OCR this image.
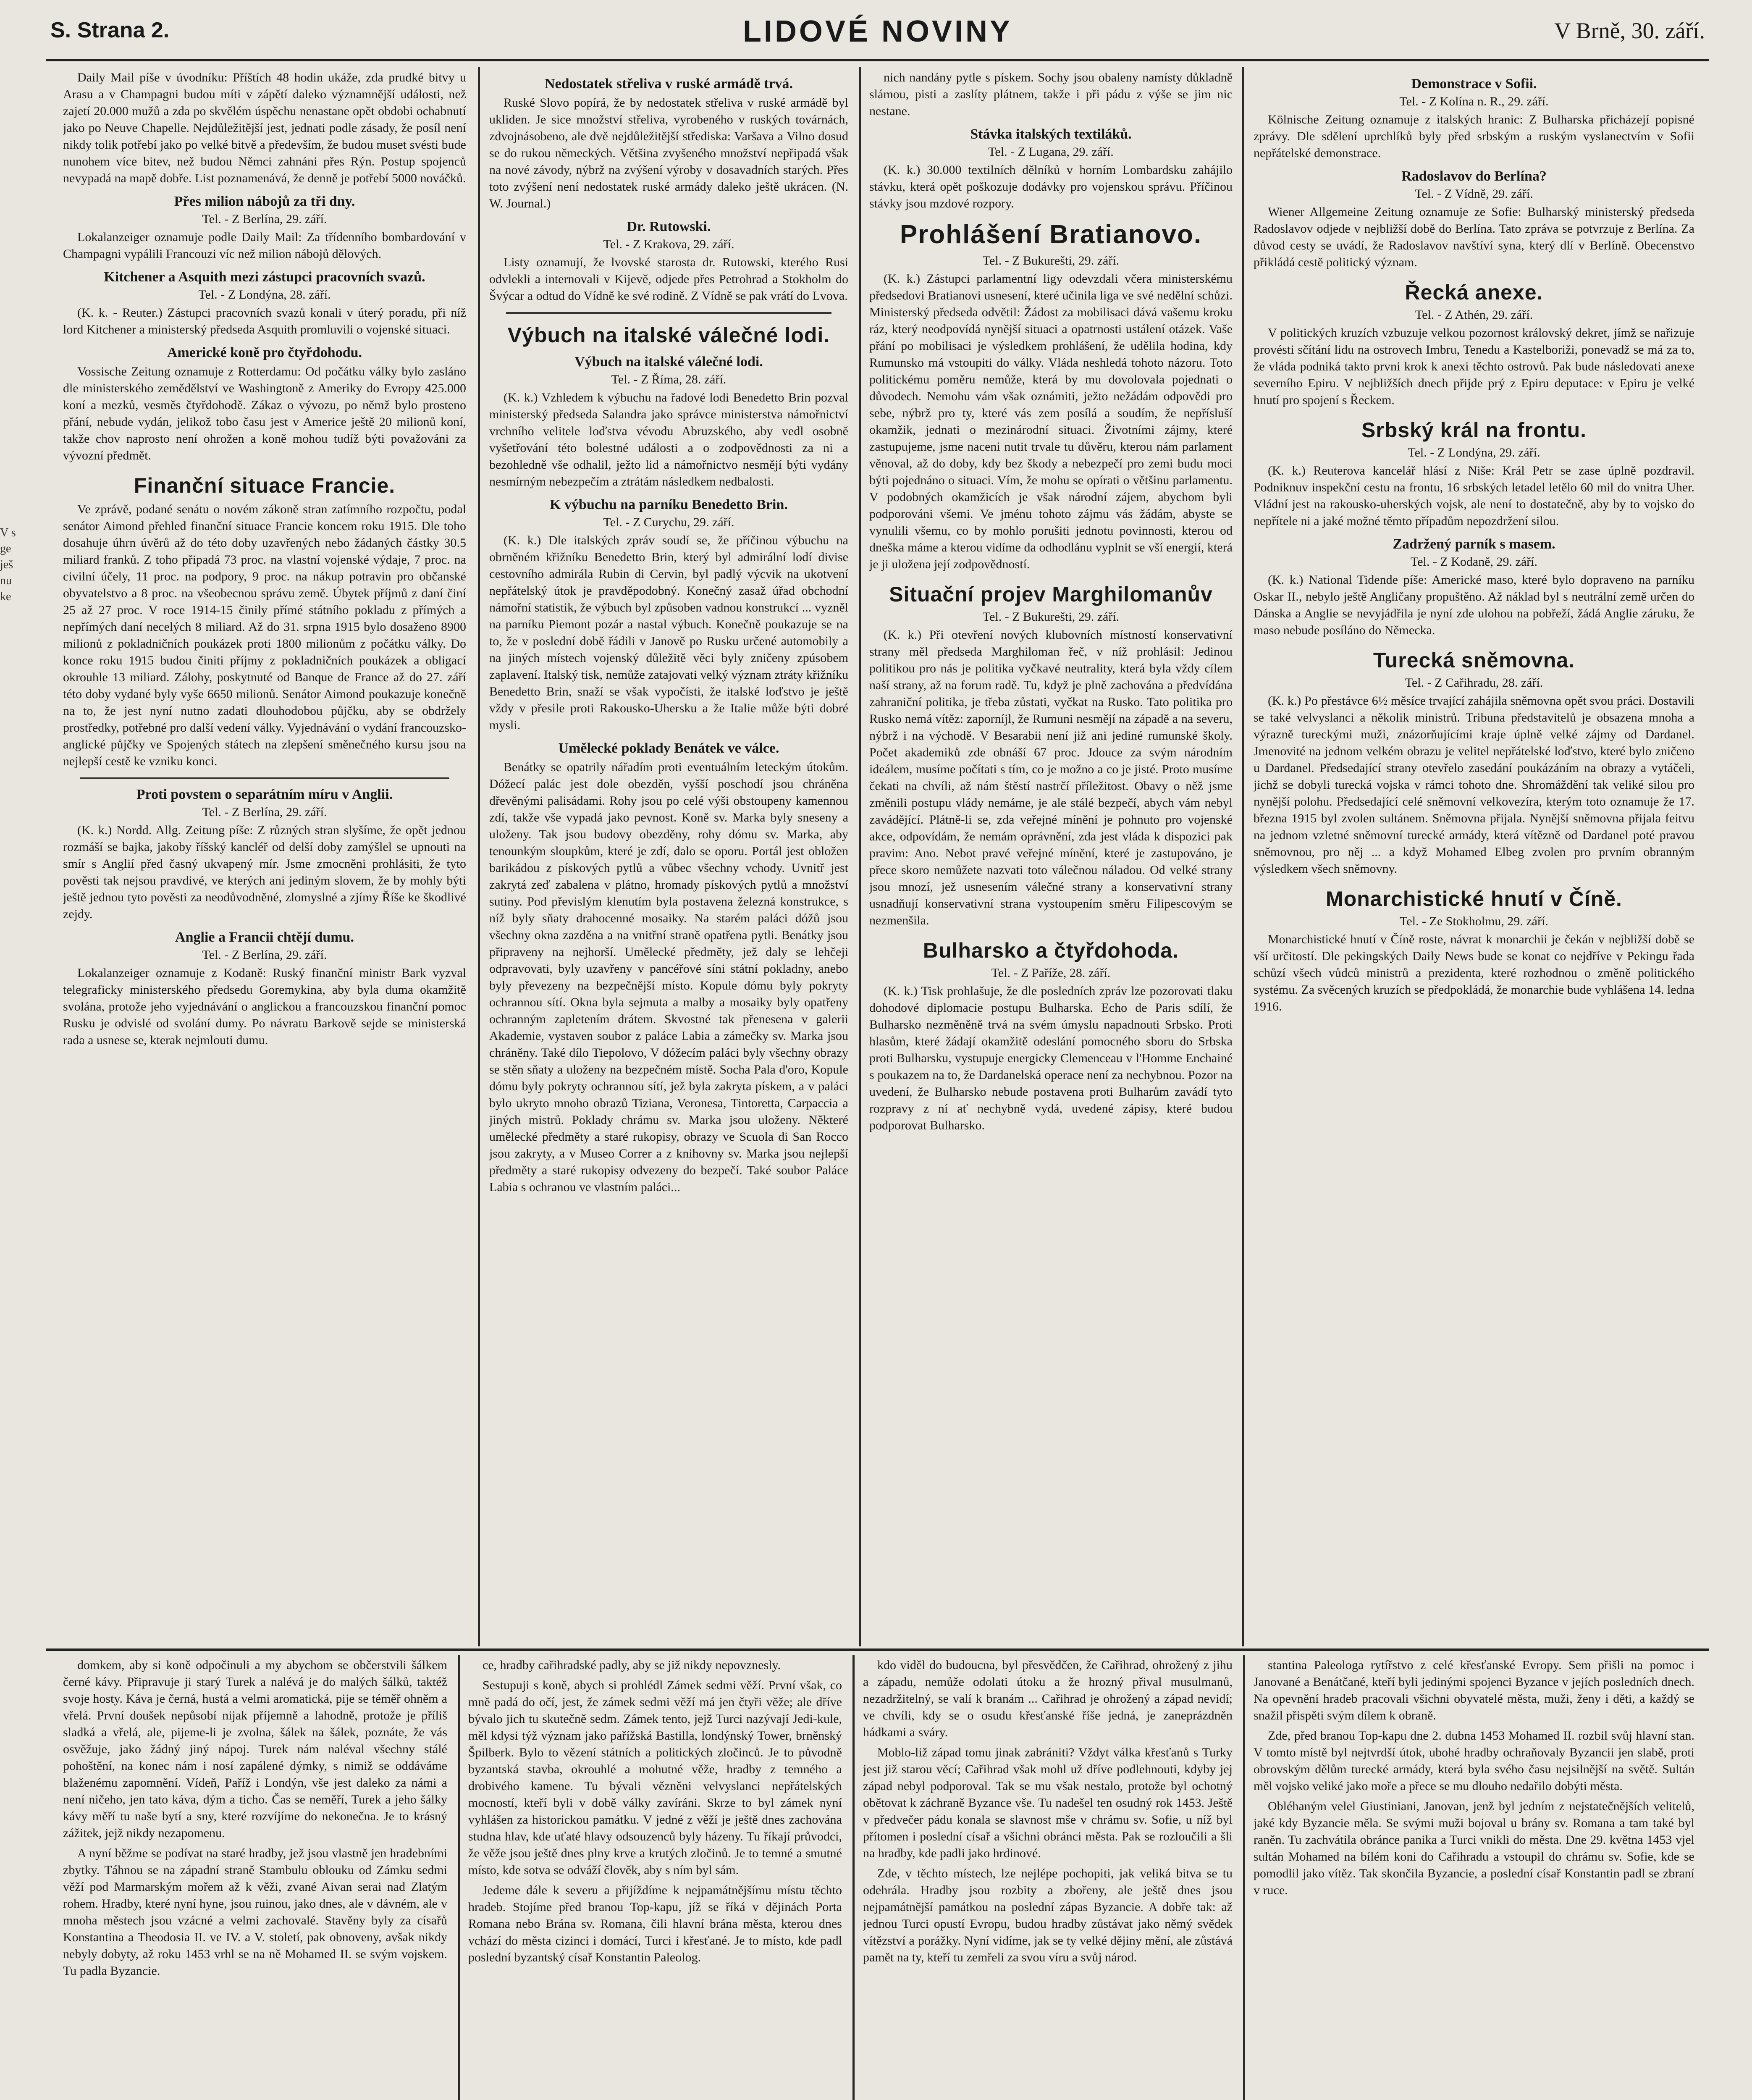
S. Strana 2.	LIDOVÉ NOVINY	V Brně, 30. září.
V s
ge
ješ
nu
ke
Daily Mail píše v úvodníku: Příštích 48 hodin ukáže, zda prudké bitvy u Arasu a v Champagni budou míti v zápětí daleko významnější události, než zajetí 20.000 mužů a zda po skvělém úspěchu nenastane opět obdobi ochabnutí jako po Neuve Chapelle. Nejdůležitější jest, jednati podle zásady, že posíl není nikdy tolik potřebí jako po velké bitvě a především, že budou muset svésti bude nunohem více bitev, než budou Němci zahnáni přes Rýn. Postup spojenců nevypadá na mapě dobře. List poznamenává, že denně je potřebí 5000 nováčků.
Přes milion nábojů za tři dny.
Tel. - Z Berlína, 29. září.
Lokalanzeiger oznamuje podle Daily Mail: Za třídenního bombardování v Champagni vypálili Francouzi víc než milion nábojů dělových.
Kitchener a Asquith mezi zástupci pracovních svazů.
Tel. - Z Londýna, 28. září.
(K. k. - Reuter.) Zástupci pracovních svazů konali v úterý poradu, při níž lord Kitchener a ministerský předseda Asquith promluvili o vojenské situaci.
Americké koně pro čtyřdohodu.
Vossische Zeitung oznamuje z Rotterdamu: Od počátku války bylo zasláno dle ministerského zemědělství ve Washingtoně z Ameriky do Evropy 425.000 koní a mezků, vesměs čtyřdohodě. Zákaz o vývozu, po němž bylo prosteno přání, nebude vydán, jelikož tobo času jest v Americe ještě 20 milionů koní, takže chov naprosto není ohrožen a koně mohou tudíž býti považováni za vývozní předmět.
Finanční situace Francie.
Ve zprávě, podané senátu o novém zákoně stran zatímního rozpočtu, podal senátor Aimond přehled finanční situace Francie koncem roku 1915. Dle toho dosahuje úhrn úvěrů až do této doby uzavřených nebo žádaných částky 30.5 miliard franků. Z toho připadá 73 proc. na vlastní vojenské výdaje, 7 proc. na civilní účely, 11 proc. na podpory, 9 proc. na nákup potravin pro občanské obyvatelstvo a 8 proc. na všeobecnou správu země. Úbytek příjmů z daní činí 25 až 27 proc. V roce 1914-15 činily přímé státního pokladu z přímých a nepřímých daní necelých 8 miliard. Až do 31. srpna 1915 bylo dosaženo 8900 milionů z pokladničních poukázek proti 1800 milionům z počátku války. Do konce roku 1915 budou činiti příjmy z pokladničních poukázek a obligací okrouhle 13 miliard. Zálohy, poskytnuté od Banque de France až do 27. září této doby vydané byly vyše 6650 milionů. Senátor Aimond poukazuje konečně na to, že jest nyní nutno zadati dlouhodobou půjčku, aby se obdržely prostředky, potřebné pro další vedení války. Vyjednávání o vydání francouzsko-anglické půjčky ve Spojených státech na zlepšení směnečného kursu jsou na nejlepší cestě ke vzniku konci.
Proti povstem o separátním míru v Anglii.
Tel. - Z Berlína, 29. září.
(K. k.) Nordd. Allg. Zeitung píše: Z různých stran slyšíme, že opět jednou rozmáší se bajka, jakoby říšský kancléř od delší doby zamýšlel se upnouti na smír s Anglií před časný ukvapený mír. Jsme zmocněni prohlásiti, že tyto pověsti tak nejsou pravdivé, ve kterých ani jediným slovem, že by mohly býti ještě jednou tyto pověsti za neodůvodněné, zlomyslné a zjímy Říše ke škodlivé zejdy.
Anglie a Francii chtějí dumu.
Tel. - Z Berlína, 29. září.
Lokalanzeiger oznamuje z Kodaně: Ruský finanční ministr Bark vyzval telegraficky ministerského předsedu Goremykina, aby byla duma okamžitě svolána, protože jeho vyjednávání o anglickou a francouzskou finanční pomoc Rusku je odvislé od svolání dumy. Po návratu Barkově sejde se ministerská rada a usnese se, kterak nejmlouti dumu.
Nedostatek střeliva v ruské armádě trvá.
Ruské Slovo popírá, že by nedostatek střeliva v ruské armádě byl ukliden. Je sice množství střeliva, vyrobeného v ruských továrnách, zdvojnásobeno, ale dvě nejdůležitější střediska: Varšava a Vilno dosud se do rukou německých. Většina zvyšeného množství nepřipadá však na nové závody, nýbrž na zvýšení výroby v dosavadních starých. Přes toto zvýšení není nedostatek ruské armády daleko ještě ukrácen. (N. W. Journal.)
Dr. Rutowski.
Tel. - Z Krakova, 29. září.
Listy oznamují, že lvovské starosta dr. Rutowski, kterého Rusi odvlekli a internovali v Kijevě, odjede přes Petrohrad a Stokholm do Švýcar a odtud do Vídně ke své rodině. Z Vídně se pak vrátí do Lvova.
Výbuch na italské válečné lodi.
Výbuch na italské válečné lodi.
Tel. - Z Říma, 28. září.
(K. k.) Vzhledem k výbuchu na řadové lodi Benedetto Brin pozval ministerský předseda Salandra jako správce ministerstva námořnictví vrchního velitele loďstva vévodu Abruzského, aby vedl osobně vyšetřování této bolestné události a o zodpovědnosti za ni a bezohledně vše odhalil, ježto lid a námořnictvo nesmějí býti vydány nesmírným nebezpečím a ztrátám následkem nedbalosti.
K výbuchu na parníku Benedetto Brin.
Tel. - Z Curychu, 29. září.
(K. k.) Dle italských zpráv soudí se, že příčinou výbuchu na obrněném křižníku Benedetto Brin, který byl admirální lodí divise cestovního admirála Rubin di Cervin, byl padlý výcvik na ukotvení nepřátelský útok je pravděpodobný. Konečný zasaž úřad obchodní námořní statistik, že výbuch byl způsoben vadnou konstrukcí ... vyzněl na parníku Piemont pozár a nastal výbuch. Konečně poukazuje se na to, že v poslední době řádili v Janově po Rusku určené automobily a na jiných místech vojenský důležitě věci byly zničeny zpúsobem zaplavení. Italský tisk, nemůže zatajovati velký význam ztráty křižníku Benedetto Brin, snaží se však vypočísti, že italské loďstvo je ještě vždy v přesile proti Rakousko-Uhersku a že Italie může býti dobré mysli.
Umělecké poklady Benátek ve válce.
Benátky se opatrily nářadím proti eventuálním leteckým útokům. Dóžecí palác jest dole obezděn, vyšší poschodí jsou chráněna dřevěnými palisádami. Rohy jsou po celé výši obstoupeny kamennou zdí, takže vše vypadá jako pevnost. Koně sv. Marka byly sneseny a uloženy. Tak jsou budovy obezděny, rohy dómu sv. Marka, aby tenounkým sloupkům, které je zdí, dalo se oporu. Portál jest obložen barikádou z pískových pytlů a vůbec všechny vchody. Uvnitř jest zakrytá zeď zabalena v plátno, hromady pískových pytlů a množství sutiny. Pod převislým klenutím byla postavena železná konstrukce, s níž byly sňaty drahocenné mosaiky. Na starém paláci dóžů jsou všechny okna zazděna a na vnitřní straně opatřena pytli. Benátky jsou připraveny na nejhorší. Umělecké předměty, jež daly se lehčeji odpravovati, byly uzavřeny v pancéřové síni státní pokladny, anebo byly převezeny na bezpečnější místo. Kopule dómu byly pokryty ochrannou sítí. Okna byla sejmuta a malby a mosaiky byly opatřeny ochranným zapletením drátem. Skvostné tak přenesena v galerii Akademie, vystaven soubor z paláce Labia a zámečky sv. Marka jsou chráněny. Také dílo Tiepolovo, V dóžecím paláci byly všechny obrazy se stěn sňaty a uloženy na bezpečném místě. Socha Pala d'oro, Kopule dómu byly pokryty ochrannou sítí, jež byla zakryta pískem, a v paláci bylo ukryto mnoho obrazů Tiziana, Veronesa, Tintoretta, Carpaccia a jiných mistrů. Poklady chrámu sv. Marka jsou uloženy. Některé umělecké předměty a staré rukopisy, obrazy ve Scuola di San Rocco jsou zakryty, a v Museo Correr a z knihovny sv. Marka jsou nejlepší předměty a staré rukopisy odvezeny do bezpečí. Také soubor Paláce Labia s ochranou ve vlastním paláci...
nich nandány pytle s pískem. Sochy jsou obaleny namísty důkladně slámou, pisti a zaslíty plátnem, takže i při pádu z výše se jim nic nestane.
Stávka italských textiláků.
Tel. - Z Lugana, 29. září.
(K. k.) 30.000 textilních dělníků v horním Lombardsku zahájilo stávku, která opět poškozuje dodávky pro vojenskou správu. Příčinou stávky jsou mzdové rozpory.
Prohlášení Bratianovo.
Tel. - Z Bukurešti, 29. září.
(K. k.) Zástupci parlamentní ligy odevzdali včera ministerskému předsedovi Bratianovi usnesení, které učinila liga ve své nedělní schůzi. Ministerský předseda odvětil: Žádost za mobilisaci dává vašemu kroku ráz, který neodpovídá nynější situaci a opatrnosti ustálení otázek. Vaše přání po mobilisaci je výsledkem prohlášení, že udělila hodina, kdy Rumunsko má vstoupiti do války. Vláda neshledá tohoto názoru. Toto politickému poměru nemůže, která by mu dovolovala pojednati o důvodech. Nemohu vám však oznámiti, ježto nežádám odpovědi pro sebe, nýbrž pro ty, které vás zem posílá a soudím, že nepřísluší okamžik, jednati o mezinárodní situaci. Životními zájmy, které zastupujeme, jsme naceni nutit trvale tu důvěru, kterou nám parlament věnoval, až do doby, kdy bez škody a nebezpečí pro zemi budu moci býti pojednáno o situaci. Vím, že mohu se opírati o většinu parlamentu. V podobných okamžicích je však národní zájem, abychom byli podporováni všemi. Ve jménu tohoto zájmu vás žádám, abyste se vynulili všemu, co by mohlo porušiti jednotu povinnosti, kterou od dneška máme a kterou vidíme da odhodlánu vyplnit se vší energií, která je ji uložena její zodpovědností.
Situační projev Marghilomanův
Tel. - Z Bukurešti, 29. září.
(K. k.) Při otevření nových klubovních místností konservativní strany měl předseda Marghiloman řeč, v níž prohlásil: Jedinou politikou pro nás je politika vyčkavé neutrality, která byla vždy cílem naší strany, až na forum radě. Tu, když je plně zachována a předvídána zahraniční politika, je třeba zůstati, vyčkat na Rusko. Tato politika pro Rusko nemá vítěz: zaporníjl, že Rumuni nesmějí na západě a na severu, nýbrž i na východě. V Besarabii není již ani jediné rumunské školy. Počet akademiků zde obnáší 67 proc. Jdouce za svým národním ideálem, musíme počítati s tím, co je možno a co je jisté. Proto musíme čekati na chvíli, až nám štěstí nastrčí příležitost. Obavy o něž jsme změnili postupu vlády nemáme, je ale stálé bezpečí, abych vám nebyl zavádějící. Plátně-li se, zda veřejné mínění je pohnuto pro vojenské akce, odpovídám, že nemám oprávnění, zda jest vláda k dispozici pak pravim: Ano. Nebot pravé veřejné mínění, které je zastupováno, je přece skoro nemůžete nazvati toto válečnou náladou. Od velké strany jsou mnozí, jež usnesením válečné strany a konservativní strany usnadňují konservativní strana vystoupením směru Filipescovým se nezmenšila.
Bulharsko a čtyřdohoda.
Tel. - Z Paříže, 28. září.
(K. k.) Tisk prohlašuje, že dle posledních zpráv lze pozorovati tlaku dohodové diplomacie postupu Bulharska. Echo de Paris sdílí, že Bulharsko nezměněně trvá na svém úmyslu napadnouti Srbsko. Proti hlasům, které žádají okamžitě odeslání pomocného sboru do Srbska proti Bulharsku, vystupuje energicky Clemenceau v l'Homme Enchainé s poukazem na to, že Dardanelská operace není za nechybnou. Pozor na uvedení, že Bulharsko nebude postavena proti Bulharům zavádí tyto rozpravy z ní ať nechybně vydá, uvedené zápisy, které budou podporovat Bulharsko.
Demonstrace v Sofii.
Tel. - Z Kolína n. R., 29. září.
Kölnische Zeitung oznamuje z italských hranic: Z Bulharska přicházejí popisné zprávy. Dle sdělení uprchlíků byly před srbským a ruským vyslanectvím v Sofii nepřátelské demonstrace.
Radoslavov do Berlína?
Tel. - Z Vídně, 29. září.
Wiener Allgemeine Zeitung oznamuje ze Sofie: Bulharský ministerský předseda Radoslavov odjede v nejbližší době do Berlína. Tato zpráva se potvrzuje z Berlína. Za důvod cesty se uvádí, že Radoslavov navštíví syna, který dlí v Berlíně. Obecenstvo přikládá cestě politický význam.
Řecká anexe.
Tel. - Z Athén, 29. září.
V politických kruzích vzbuzuje velkou pozornost královský dekret, jímž se nařizuje provésti sčítání lidu na ostrovech Imbru, Tenedu a Kastelboriži, ponevadž se má za to, že vláda podniká takto prvni krok k anexi těchto ostrovů. Pak bude následovati anexe severního Epiru. V nejbližších dnech přijde prý z Epiru deputace: v Epiru je velké hnutí pro spojení s Řeckem.
Srbský král na frontu.
Tel. - Z Londýna, 29. září.
(K. k.) Reuterova kancelář hlásí z Niše: Král Petr se zase úplně pozdravil. Podniknuv inspekční cestu na frontu, 16 srbských letadel letělo 60 mil do vnitra Uher. Vládní jest na rakousko-uherských vojsk, ale není to dostatečně, aby by to vojsko do nepřítele ni a jaké možné těmto případům nepozdržení silou.
Zadržený parník s masem.
Tel. - Z Kodaně, 29. září.
(K. k.) National Tidende píše: Americké maso, které bylo dopraveno na parníku Oskar II., nebylo ještě Angličany propuštěno. Až náklad byl s neutrální země určen do Dánska a Anglie se nevyjádřila je nyní zde ulohou na pobřeží, žádá Anglie záruku, že maso nebude posíláno do Německa.
Turecká sněmovna.
Tel. - Z Cařihradu, 28. září.
(K. k.) Po přestávce 6½ měsíce trvající zahájila sněmovna opět svou práci. Dostavili se také velvyslanci a několik ministrů. Tribuna představitelů je obsazena mnoha a výrazně tureckými muži, znázorňujícími kraje úplně velké zájmy od Dardanel. Jmenovité na jednom velkém obrazu je velitel nepřátelské loďstvo, které bylo zničeno u Dardanel. Předsedající strany otevřelo zasedání poukázáním na obrazy a vytáčeli, jichž se dobyli turecká vojska v rámci tohoto dne. Shromáždění tak veliké silou pro nynější polohu. Předsedající celé sněmovní velkovezíra, kterým toto oznamuje že 17. března 1915 byl zvolen sultánem. Sněmovna přijala. Nynější sněmovna přijala feitvu na jednom vzletné sněmovní turecké armády, která vítězně od Dardanel poté pravou sněmovnou, pro něj ... a když Mohamed Elbeg zvolen pro prvním obranným výsledkem všech sněmovny.
Monarchistické hnutí v Číně.
Tel. - Ze Stokholmu, 29. září.
Monarchistické hnutí v Číně roste, návrat k monarchii je čekán v nejbližší době se vší určitostí. Dle pekingských Daily News bude se konat co nejdříve v Pekingu řada schůzí všech vůdců ministrů a prezidenta, které rozhodnou o změně politického systému. Za svěcených kruzích se předpokládá, že monarchie bude vyhlášena 14. ledna 1916.
domkem, aby si koně odpočinuli a my abychom se občerstvili šálkem černé kávy. Připravuje ji starý Turek a nalévá je do malých šálků, taktéž svoje hosty. Káva je černá, hustá a velmi aromatická, pije se téměř ohněm a vřelá. První doušek nepůsobí nijak příjemně a lahodně, protože je příliš sladká a vřelá, ale, pijeme-li je zvolna, šálek na šálek, poznáte, že vás osvěžuje, jako žádný jiný nápoj. Turek nám naléval všechny stálé pohoštění, na konec nám i nosí zapálené dýmky, s nimiž se oddáváme blaženému zapomnění. Vídeň, Paříž i Londýn, vše jest daleko za námi a není ničeho, jen tato káva, dým a ticho. Čas se neměří, Turek a jeho šálky kávy měří tu naše bytí a sny, které rozvíjíme do nekonečna. Je to krásný zážitek, jejž nikdy nezapomenu.
A nyní běžme se podívat na staré hradby, jež jsou vlastně jen hradebními zbytky. Táhnou se na západní straně Stambulu oblouku od Zámku sedmi věží pod Marmarským mořem až k věži, zvané Aivan serai nad Zlatým rohem. Hradby, které nyní hyne, jsou ruinou, jako dnes, ale v dávném, ale v mnoha městech jsou vzácné a velmi zachovalé. Stavěny byly za císařů Konstantina a Theodosia II. ve IV. a V. století, pak obnoveny, avšak nikdy nebyly dobyty, až roku 1453 vrhl se na ně Mohamed II. se svým vojskem. Tu padla Byzancie.
ce, hradby cařihradské padly, aby se již nikdy nepovznesly.
Sestupuji s koně, abych si prohlédl Zámek sedmi věží. První však, co mně padá do očí, jest, že zámek sedmi věží má jen čtyři věže; ale dříve bývalo jich tu skutečně sedm. Zámek tento, jejž Turci nazývají Jedi-kule, měl kdysi týž význam jako pařížská Bastilla, londýnský Tower, brněnský Špilberk. Bylo to vězení státních a politických zločinců. Je to původně byzantská stavba, okrouhlé a mohutné věže, hradby z temného a drobivého kamene. Tu bývali vězněni velvyslanci nepřátelských mocností, kteří byli v době války zavíráni. Skrze to byl zámek nyní vyhlášen za historickou památku. V jedné z věží je ještě dnes zachována studna hlav, kde uťaté hlavy odsouzenců byly házeny. Tu říkají průvodci, že věže jsou ještě dnes plny krve a krutých zločinů. Je to temné a smutné místo, kde sotva se odváží člověk, aby s ním byl sám.
Jedeme dále k severu a přijíždíme k nejpamátnějšímu místu těchto hradeb. Stojíme před branou Top-kapu, jíž se říká v dějinách Porta Romana nebo Brána sv. Romana, čili hlavní brána města, kterou dnes vchází do města cizinci i domácí, Turci i křesťané. Je to místo, kde padl poslední byzantský císař Konstantin Paleolog.
kdo viděl do budoucna, byl přesvědčen, že Cařihrad, ohrožený z jihu a západu, nemůže odolati útoku a že hrozný přival musulmanů, nezadržitelný, se valí k branám ... Cařihrad je ohrožený a západ nevidí; ve chvíli, kdy se o osudu křesťanské říše jedná, je zaneprázdněn hádkami a sváry.
Moblo-liž západ tomu jinak zabrániti? Vždyt válka křesťanů s Turky jest již starou věcí; Cařihrad však mohl už dříve podlehnouti, kdyby jej západ nebyl podporoval. Tak se mu však nestalo, protože byl ochotný obětovat k záchraně Byzance vše. Tu nadešel ten osudný rok 1453. Ještě v předvečer pádu konala se slavnost mše v chrámu sv. Sofie, u níž byl přítomen i poslední císař a všichni obránci města. Pak se rozloučili a šli na hradby, kde padli jako hrdinové.
Zde, v těchto místech, lze nejlépe pochopiti, jak veliká bitva se tu odehrála. Hradby jsou rozbity a zbořeny, ale ještě dnes jsou nejpamátnější památkou na poslední zápas Byzancie. A dobře tak: až jednou Turci opustí Evropu, budou hradby zůstávat jako němý svědek vítězství a porážky. Nyní vidíme, jak se ty velké dějiny mění, ale zůstává pamět na ty, kteří tu zemřeli za svou víru a svůj národ.
stantina Paleologa rytířstvo z celé křesťanské Evropy. Sem přišli na pomoc i Janované a Benátčané, kteří byli jedinými spojenci Byzance v jejích posledních dnech. Na opevnění hradeb pracovali všichni obyvatelé města, muži, ženy i děti, a každý se snažil přispěti svým dílem k obraně.
Zde, před branou Top-kapu dne 2. dubna 1453 Mohamed II. rozbil svůj hlavní stan. V tomto místě byl nejtvrdší útok, ubohé hradby ochraňovaly Byzancii jen slabě, proti obrovským dělům turecké armády, která byla svého času nejsilnější na světě. Sultán měl vojsko veliké jako moře a přece se mu dlouho nedařilo dobýti města.
Obléhaným velel Giustiniani, Janovan, jenž byl jedním z nejstatečnějších velitelů, jaké kdy Byzancie měla. Se svými muži bojoval u brány sv. Romana a tam také byl raněn. Tu zachvátila obránce panika a Turci vnikli do města. Dne 29. května 1453 vjel sultán Mohamed na bílém koni do Cařihradu a vstoupil do chrámu sv. Sofie, kde se pomodlil jako vítěz. Tak skončila Byzancie, a poslední císař Konstantin padl se zbraní v ruce.
